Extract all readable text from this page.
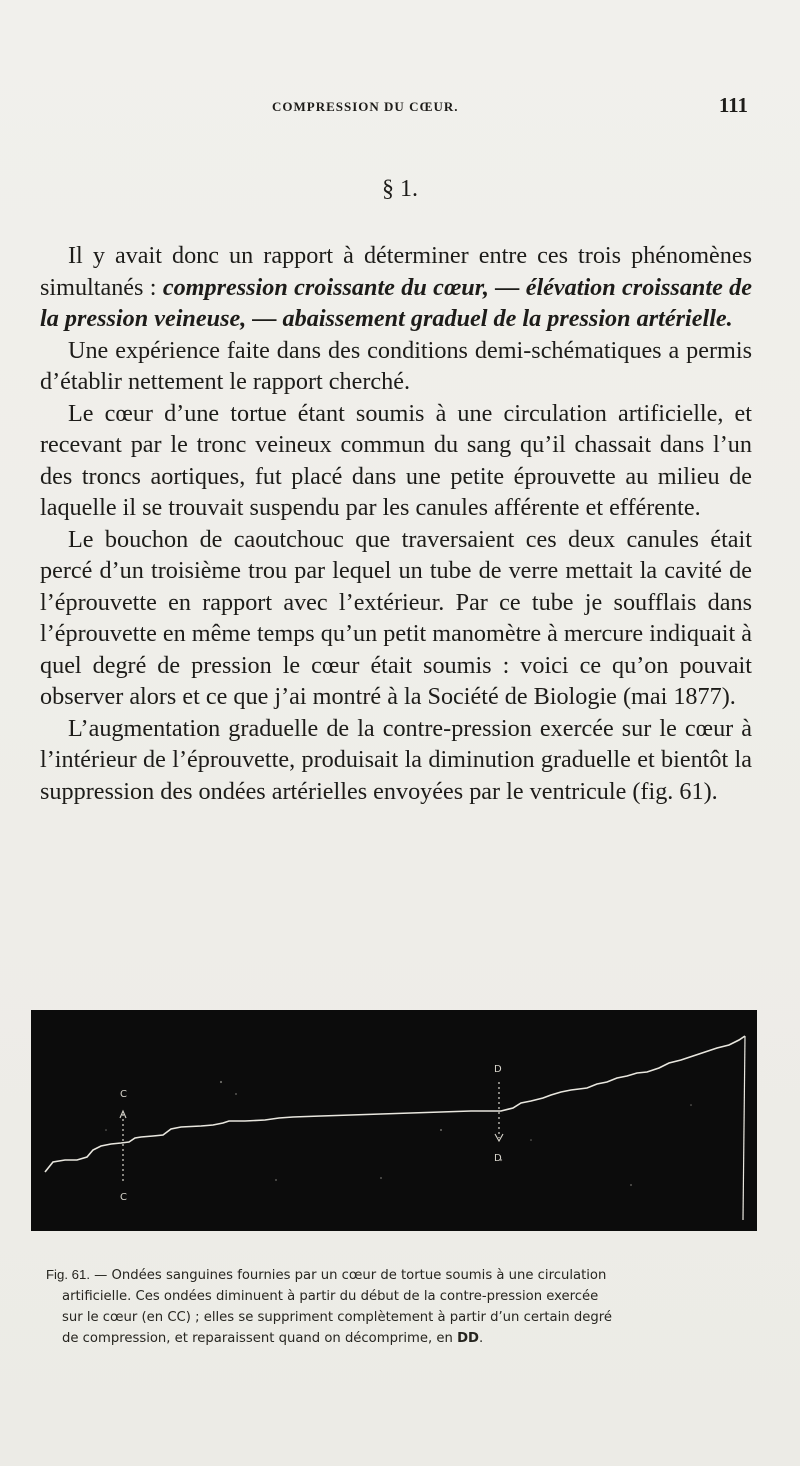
COMPRESSION DU CŒUR.	111
§ 1.

Il y avait donc un rapport à déterminer entre ces trois phénomènes simultanés : compression croissante du cœur, — élévation croissante de la pression veineuse, — abaissement graduel de la pression artérielle.

Une expérience faite dans des conditions demi-schématiques a permis d’établir nettement le rapport cherché.

Le cœur d’une tortue étant soumis à une circulation artificielle, et recevant par le tronc veineux commun du sang qu’il chassait dans l’un des troncs aortiques, fut placé dans une petite éprouvette au milieu de laquelle il se trouvait suspendu par les canules afférente et efférente.

Le bouchon de caoutchouc que traversaient ces deux canules était percé d’un troisième trou par lequel un tube de verre mettait la cavité de l’éprouvette en rapport avec l’extérieur. Par ce tube je soufflais dans l’éprouvette en même temps qu’un petit manomètre à mercure indiquait à quel degré de pression le cœur était soumis : voici ce qu’on pouvait observer alors et ce que j’ai montré à la Société de Biologie (mai 1877).

L’augmentation graduelle de la contre-pression exercée sur le cœur à l’intérieur de l’éprouvette, produisait la diminution graduelle et bientôt la suppression des ondées artérielles envoyées par le ventricule (fig. 61).

C
C
D
D
Fig. 61. — Ondées sanguines fournies par un cœur de tortue soumis à une circulation

artificielle. Ces ondées diminuent à partir du début de la contre-pression exercée
sur le cœur (en CC) ; elles se suppriment complètement à partir d’un certain degré
de compression, et reparaissent quand on décomprime, en DD.
